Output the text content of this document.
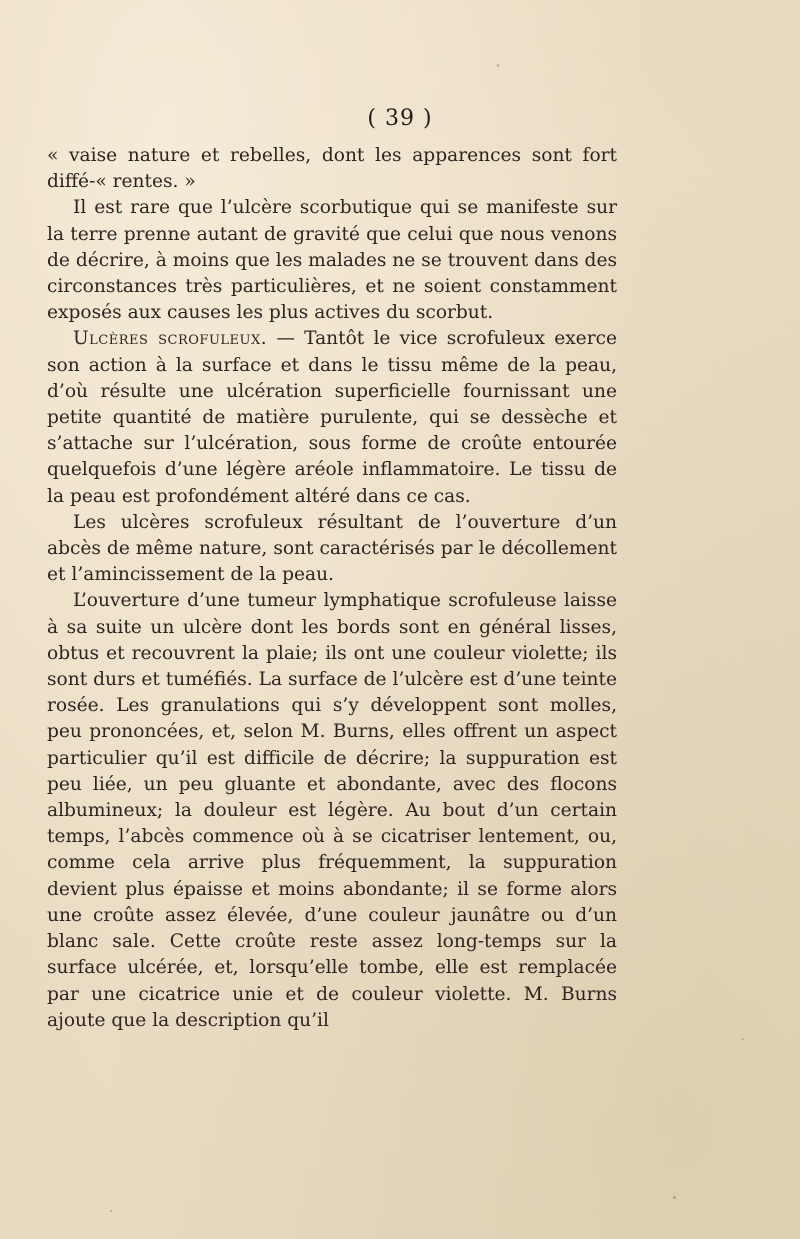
( 39 )

« vaise nature et rebelles, dont les apparences sont fort diffé-« rentes. »

Il est rare que l’ulcère scorbutique qui se manifeste sur la terre prenne autant de gravité que celui que nous venons de décrire, à moins que les malades ne se trouvent dans des circonstances très particulières, et ne soient constamment exposés aux causes les plus actives du scorbut.

Ulcères scrofuleux. — Tantôt le vice scrofuleux exerce son action à la surface et dans le tissu même de la peau, d’où résulte une ulcération superficielle fournissant une petite quantité de matière purulente, qui se dessèche et s’attache sur l’ulcération, sous forme de croûte entourée quelquefois d’une légère aréole inflammatoire. Le tissu de la peau est profondément altéré dans ce cas.

Les ulcères scrofuleux résultant de l’ouverture d’un abcès de même nature, sont caractérisés par le décollement et l’amincissement de la peau.

L’ouverture d’une tumeur lymphatique scrofuleuse laisse à sa suite un ulcère dont les bords sont en général lisses, obtus et recouvrent la plaie; ils ont une couleur violette; ils sont durs et tuméfiés. La surface de l’ulcère est d’une teinte rosée. Les granulations qui s’y développent sont molles, peu prononcées, et, selon M. Burns, elles offrent un aspect particulier qu’il est difficile de décrire; la suppuration est peu liée, un peu gluante et abondante, avec des flocons albumineux; la douleur est légère. Au bout d’un certain temps, l’abcès commence où à se cicatriser lentement, ou, comme cela arrive plus fréquemment, la suppuration devient plus épaisse et moins abondante; il se forme alors une croûte assez élevée, d’une couleur jaunâtre ou d’un blanc sale. Cette croûte reste assez long-temps sur la surface ulcérée, et, lorsqu’elle tombe, elle est remplacée par une cicatrice unie et de couleur violette. M. Burns ajoute que la description qu’il
